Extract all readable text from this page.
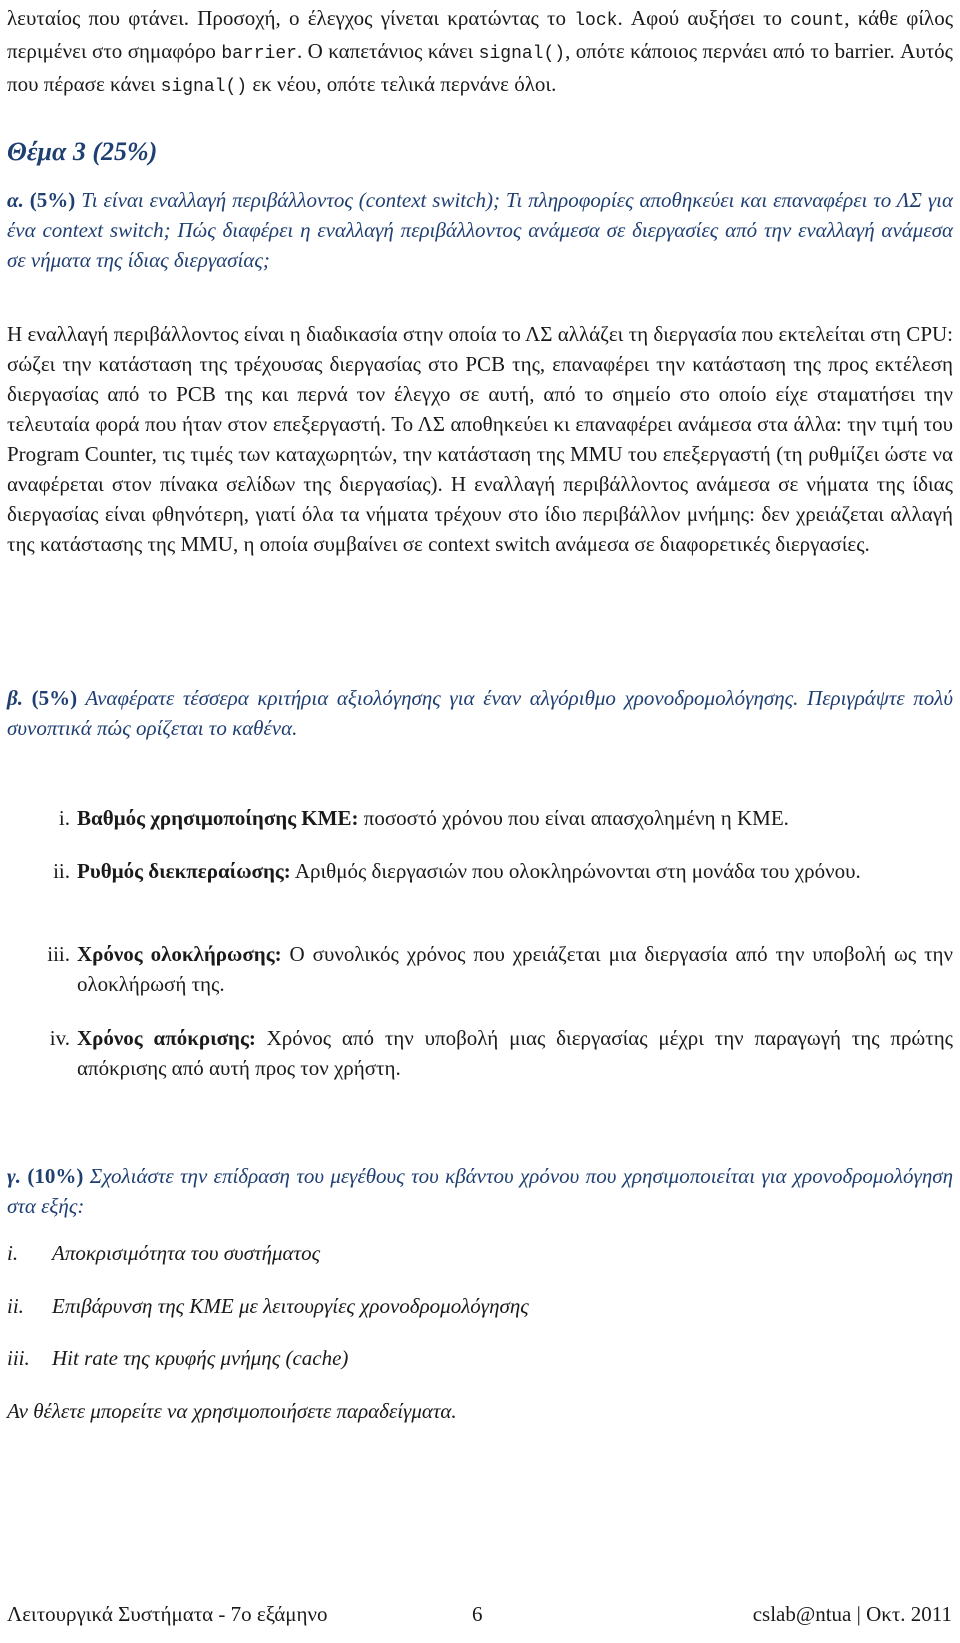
λευταίος που φτάνει. Προσοχή, ο έλεγχος γίνεται κρατώντας το lock. Αφού αυξήσει το count, κάθε φίλος περιμένει στο σημαφόρο barrier. Ο καπετάνιος κάνει signal(), οπότε κάποιος περνάει από το barrier. Αυτός που πέρασε κάνει signal() εκ νέου, οπότε τελικά περνάνε όλοι.

Θέμα 3 (25%)

α. (5%) Τι είναι εναλλαγή περιβάλλοντος (context switch); Τι πληροφορίες αποθηκεύει και επαναφέρει το ΛΣ για ένα context switch; Πώς διαφέρει η εναλλαγή περιβάλλοντος ανάμεσα σε διεργασίες από την εναλλαγή ανάμεσα σε νήματα της ίδιας διεργασίας;

Η εναλλαγή περιβάλλοντος είναι η διαδικασία στην οποία το ΛΣ αλλάζει τη διεργασία που εκτελείται στη CPU: σώζει την κατάσταση της τρέχουσας διεργασίας στο PCB της, επαναφέρει την κατάσταση της προς εκτέλεση διεργασίας από το PCB της και περνά τον έλεγχο σε αυτή, από το σημείο στο οποίο είχε σταματήσει την τελευταία φορά που ήταν στον επεξεργαστή. Το ΛΣ αποθηκεύει κι επαναφέρει ανάμεσα στα άλλα: την τιμή του Program Counter, τις τιμές των καταχωρητών, την κατάσταση της MMU του επεξεργαστή (τη ρυθμίζει ώστε να αναφέρεται στον πίνακα σελίδων της διεργασίας). Η εναλλαγή περιβάλλοντος ανάμεσα σε νήματα της ίδιας διεργασίας είναι φθηνότερη, γιατί όλα τα νήματα τρέχουν στο ίδιο περιβάλλον μνήμης: δεν χρειάζεται αλλαγή της κατάστασης της MMU, η οποία συμβαίνει σε context switch ανάμεσα σε διαφορετικές διεργασίες.

β. (5%) Αναφέρατε τέσσερα κριτήρια αξιολόγησης για έναν αλγόριθμο χρονοδρομολόγησης. Περιγράψτε πολύ συνοπτικά πώς ορίζεται το καθένα.

i. Βαθμός χρησιμοποίησης ΚΜΕ: ποσοστό χρόνου που είναι απασχολημένη η ΚΜΕ.
ii. Ρυθμός διεκπεραίωσης: Αριθμός διεργασιών που ολοκληρώνονται στη μονάδα του χρόνου.
iii. Χρόνος ολοκλήρωσης: Ο συνολικός χρόνος που χρειάζεται μια διεργασία από την υποβολή ως την ολοκλήρωσή της.
iv. Χρόνος απόκρισης: Χρόνος από την υποβολή μιας διεργασίας μέχρι την παραγωγή της πρώτης απόκρισης από αυτή προς τον χρήστη.

γ. (10%) Σχολιάστε την επίδραση του μεγέθους του κβάντου χρόνου που χρησιμοποιείται για χρονοδρομολόγηση στα εξής:

i. Αποκρισιμότητα του συστήματος
ii. Επιβάρυνση της ΚΜΕ με λειτουργίες χρονοδρομολόγησης
iii. Hit rate της κρυφής μνήμης (cache)

Αν θέλετε μπορείτε να χρησιμοποιήσετε παραδείγματα.

Λειτουργικά Συστήματα - 7ο εξάμηνο	6	cslab@ntua | Οκτ. 2011
